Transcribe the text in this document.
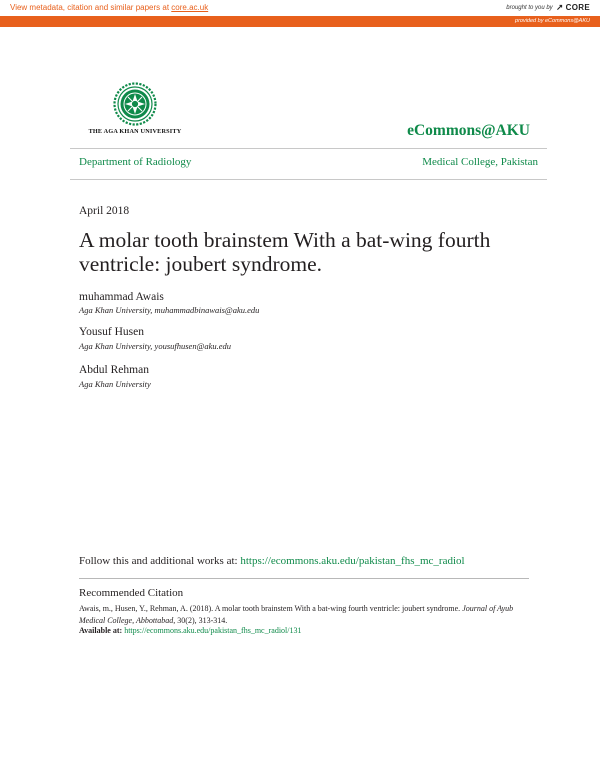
View metadata, citation and similar papers at core.ac.uk	brought to you by CORE
provided by eCommons@AKU
THE AGA KHAN UNIVERSITY	eCommons@AKU
Department of Radiology	Medical College, Pakistan
April 2018
A molar tooth brainstem With a bat-wing fourth ventricle: joubert syndrome.
muhammad Awais
Aga Khan University, muhammadbinawais@aku.edu
Yousuf Husen
Aga Khan University, yousufhusen@aku.edu
Abdul Rehman
Aga Khan University
Follow this and additional works at: https://ecommons.aku.edu/pakistan_fhs_mc_radiol
Recommended Citation

Awais, m., Husen, Y., Rehman, A. (2018). A molar tooth brainstem With a bat-wing fourth ventricle: joubert syndrome. Journal of Ayub Medical College, Abbottabad, 30(2), 313-314.

Available at: https://ecommons.aku.edu/pakistan_fhs_mc_radiol/131
